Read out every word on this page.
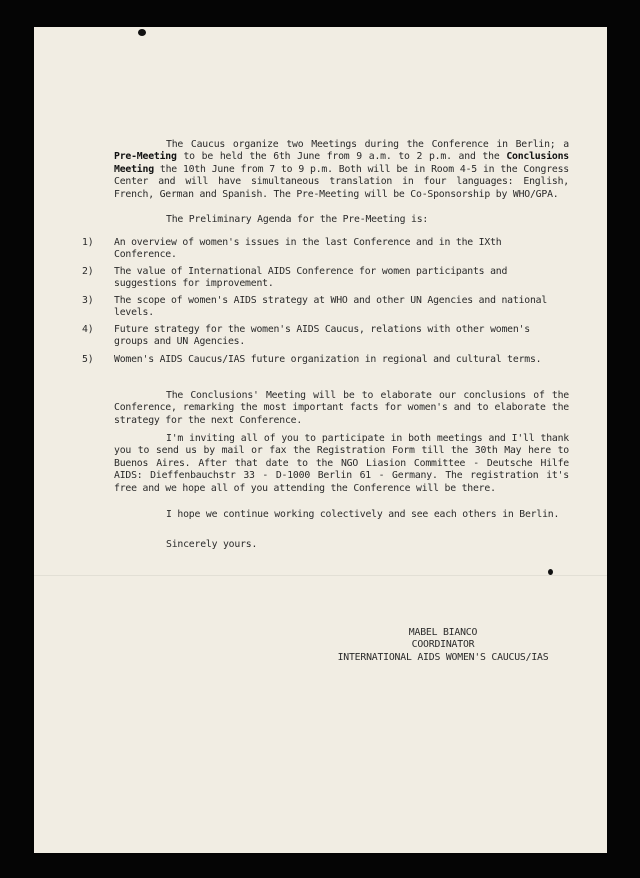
The Caucus organize two Meetings during the Conference in Berlin; a Pre-Meeting to be held the 6th June from 9 a.m. to 2 p.m. and the Conclusions Meeting the 10th June from 7 to 9 p.m. Both will be in Room 4-5 in the Congress Center and will have simultaneous translation in four languages: English, French, German and Spanish. The Pre-Meeting will be Co-Sponsorship by WHO/GPA.
The Preliminary Agenda for the Pre-Meeting is:
1) An overview of women's issues in the last Conference and in the IXth Conference.
2) The value of International AIDS Conference for women participants and suggestions for improvement.
3) The scope of women's AIDS strategy at WHO and other UN Agencies and national levels.
4) Future strategy for the women's AIDS Caucus, relations with other women's groups and UN Agencies.
5) Women's AIDS Caucus/IAS future organization in regional and cultural terms.
The Conclusions' Meeting will be to elaborate our conclusions of the Conference, remarking the most important facts for women's and to elaborate the strategy for the next Conference.
I'm inviting all of you to participate in both meetings and I'll thank you to send us by mail or fax the Registration Form till the 30th May here to Buenos Aires. After that date to the NGO Liasion Committee - Deutsche Hilfe AIDS: Dieffenbauchstr 33 - D-1000 Berlin 61 - Germany. The registration it's free and we hope all of you attending the Conference will be there.
I hope we continue working colectively and see each others in Berlin.
Sincerely yours.
MABEL BIANCO
COORDINATOR
INTERNATIONAL AIDS WOMEN'S CAUCUS/IAS
